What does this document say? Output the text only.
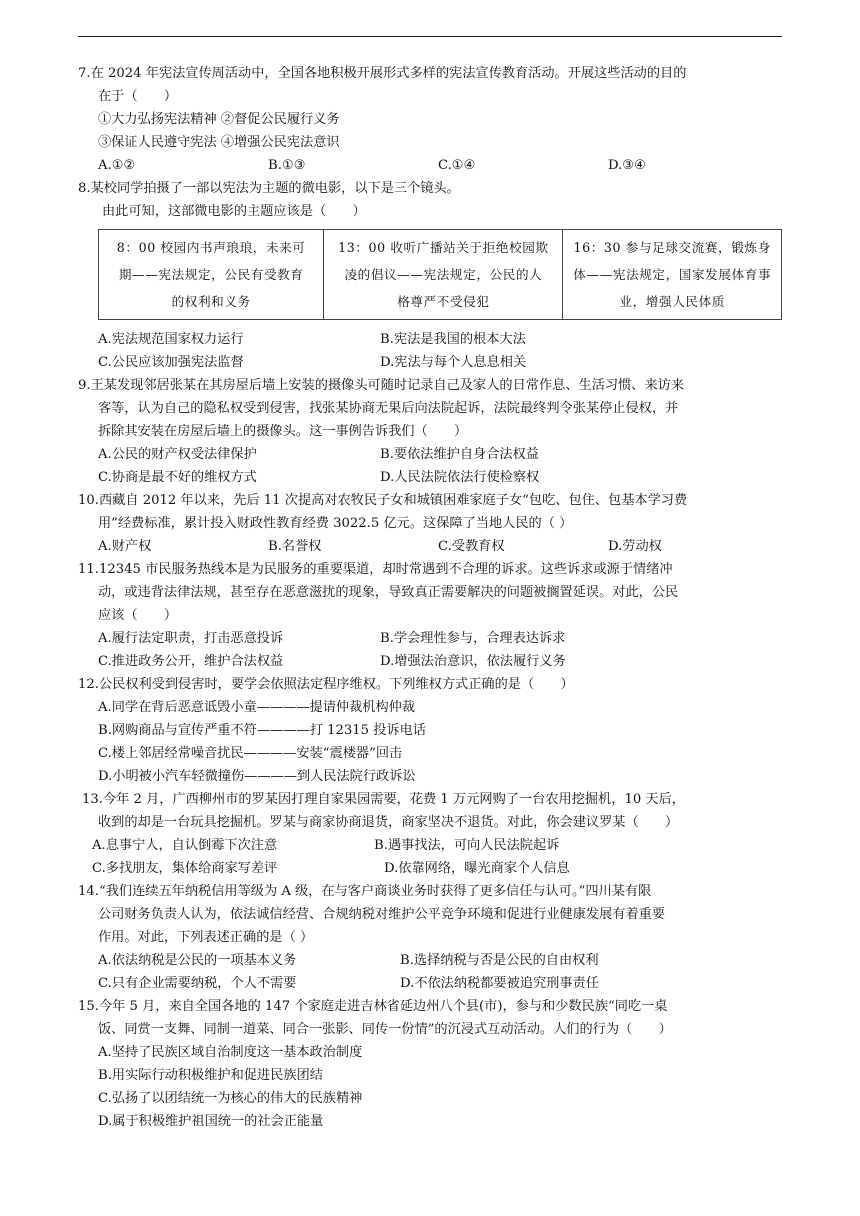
7.在 2024 年宪法宣传周活动中，全国各地积极开展形式多样的宪法宣传教育活动。开展这些活动的目的

在于（　　）

①大力弘扬宪法精神 ②督促公民履行义务

③保证人民遵守宪法 ④增强公民宪法意识

A.①②	B.①③	C.①④	D.③④

8.某校同学拍摄了一部以宪法为主题的微电影，以下是三个镜头。

由此可知，这部微电影的主题应该是（　　）

8：00 校园内书声琅琅，未来可
期——宪法规定，公民有受教育
的权利和义务

13：00 收听广播站关于拒绝校园欺
凌的倡议——宪法规定，公民的人
格尊严不受侵犯

16：30 参与足球交流赛，锻炼身
体——宪法规定，国家发展体育事
业，增强人民体质
A.宪法规范国家权力运行	B.宪法是我国的根本大法
C.公民应该加强宪法监督	D.宪法与每个人息息相关

9.王某发现邻居张某在其房屋后墙上安装的摄像头可随时记录自己及家人的日常作息、生活习惯、来访来

客等，认为自己的隐私权受到侵害，找张某协商无果后向法院起诉，法院最终判令张某停止侵权，并

拆除其安装在房屋后墙上的摄像头。这一事例告诉我们（　　）

A.公民的财产权受法律保护	B.要依法维护自身合法权益
C.协商是最不好的维权方式	D.人民法院依法行使检察权

10.西藏自 2012 年以来，先后 11 次提高对农牧民子女和城镇困难家庭子女“包吃、包住、包基本学习费

用”经费标准，累计投入财政性教育经费 3022.5 亿元。这保障了当地人民的（ ）

A.财产权	B.名誉权	C.受教育权	D.劳动权

11.12345 市民服务热线本是为民服务的重要渠道，却时常遇到不合理的诉求。这些诉求或源于情绪冲

动，或违背法律法规，甚至存在恶意滋扰的现象，导致真正需要解决的问题被搁置延误。对此，公民

应该（　　）

A.履行法定职责，打击恶意投诉	B.学会理性参与，合理表达诉求
C.推进政务公开，维护合法权益	D.增强法治意识，依法履行义务

12.公民权利受到侵害时，要学会依照法定程序维权。下列维权方式正确的是（　　）

A.同学在背后恶意诋毁小童————提请仲裁机构仲裁

B.网购商品与宣传严重不符————打 12315 投诉电话

C.楼上邻居经常噪音扰民————安装“震楼器”回击

D.小明被小汽车轻微撞伤————到人民法院行政诉讼

13.今年 2 月，广西柳州市的罗某因打理自家果园需要，花费 1 万元网购了一台农用挖掘机，10 天后，

收到的却是一台玩具挖掘机。罗某与商家协商退货，商家坚决不退货。对此，你会建议罗某（　　）

A.息事宁人，自认倒霉下次注意	B.遇事找法，可向人民法院起诉
C.多找朋友，集体给商家写差评	D.依靠网络，曝光商家个人信息

14.“我们连续五年纳税信用等级为 A 级，在与客户商谈业务时获得了更多信任与认可。”四川某有限

公司财务负责人认为，依法诚信经营、合规纳税对维护公平竞争环境和促进行业健康发展有着重要

作用。对此，下列表述正确的是（ ）

A.依法纳税是公民的一项基本义务	B.选择纳税与否是公民的自由权利
C.只有企业需要纳税，个人不需要	D.不依法纳税都要被追究刑事责任

15.今年 5 月，来自全国各地的 147 个家庭走进吉林省延边州八个县(市)，参与和少数民族“同吃一桌

饭、同赏一支舞、同制一道菜、同合一张影、同传一份情”的沉浸式互动活动。人们的行为（　　）

A.坚持了民族区域自治制度这一基本政治制度

B.用实际行动积极维护和促进民族团结

C.弘扬了以团结统一为核心的伟大的民族精神

D.属于积极维护祖国统一的社会正能量
